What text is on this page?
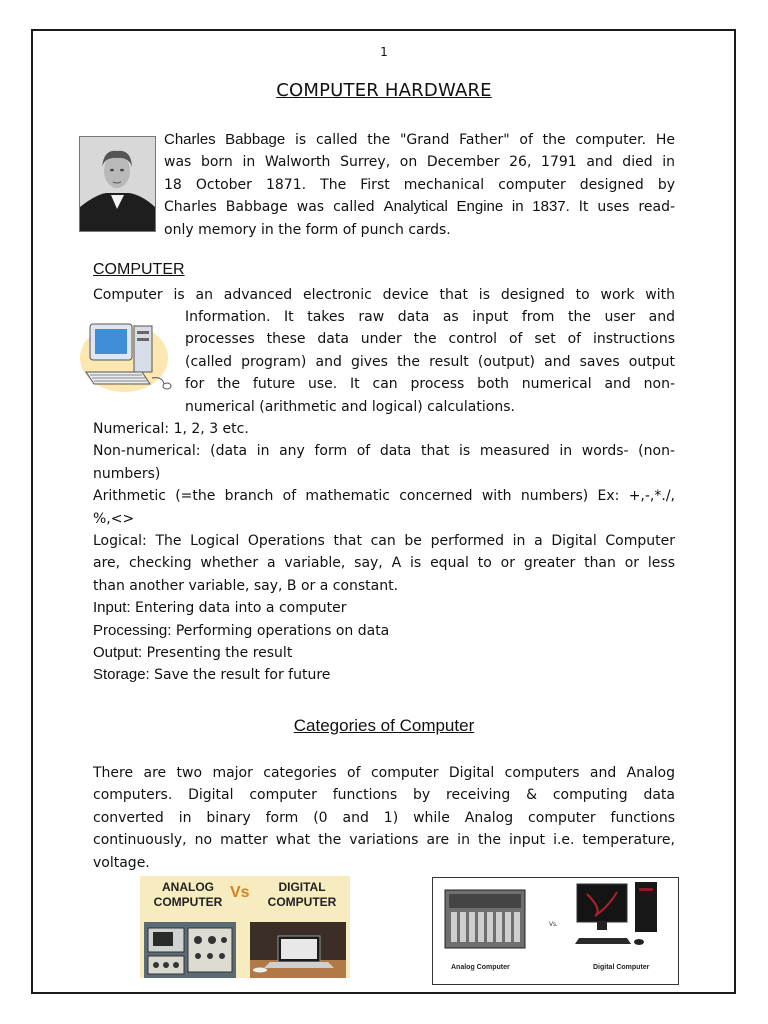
1
COMPUTER HARDWARE

Charles Babbage is called the "Grand Father" of the computer. He
was born in Walworth Surrey, on December 26, 1791 and died in
18 October 1871. The First mechanical computer designed by
Charles Babbage was called Analytical Engine in 1837. It uses read-
only memory in the form of punch cards.

COMPUTER

Computer is an advanced electronic device that is designed to work with

Information. It takes raw data as input from the user and
processes these data under the control of set of instructions
(called program) and gives the result (output) and saves output
for the future use. It can process both numerical and non-
numerical (arithmetic and logical) calculations.

Numerical: 1, 2, 3 etc.
Non-numerical: (data in any form of data that is measured in words- (non-
numbers)
Arithmetic (=the branch of mathematic concerned with numbers) Ex: +,-,*./,
%,<>
Logical: The Logical Operations that can be performed in a Digital Computer
are, checking whether a variable, say, A is equal to or greater than or less
than another variable, say, B or a constant.
Input: Entering data into a computer
Processing: Performing operations on data
Output: Presenting the result
Storage: Save the result for future

Categories of Computer

There are two major categories of computer Digital computers and Analog
computers. Digital computer functions by receiving & computing data
converted in binary form (0 and 1) while Analog computer functions
continuously, no matter what the variations are in the input i.e. temperature,
voltage.

ANALOG
COMPUTER
Vs	DIGITAL
COMPUTER
Vs.
Analog Computer	Digital Computer
